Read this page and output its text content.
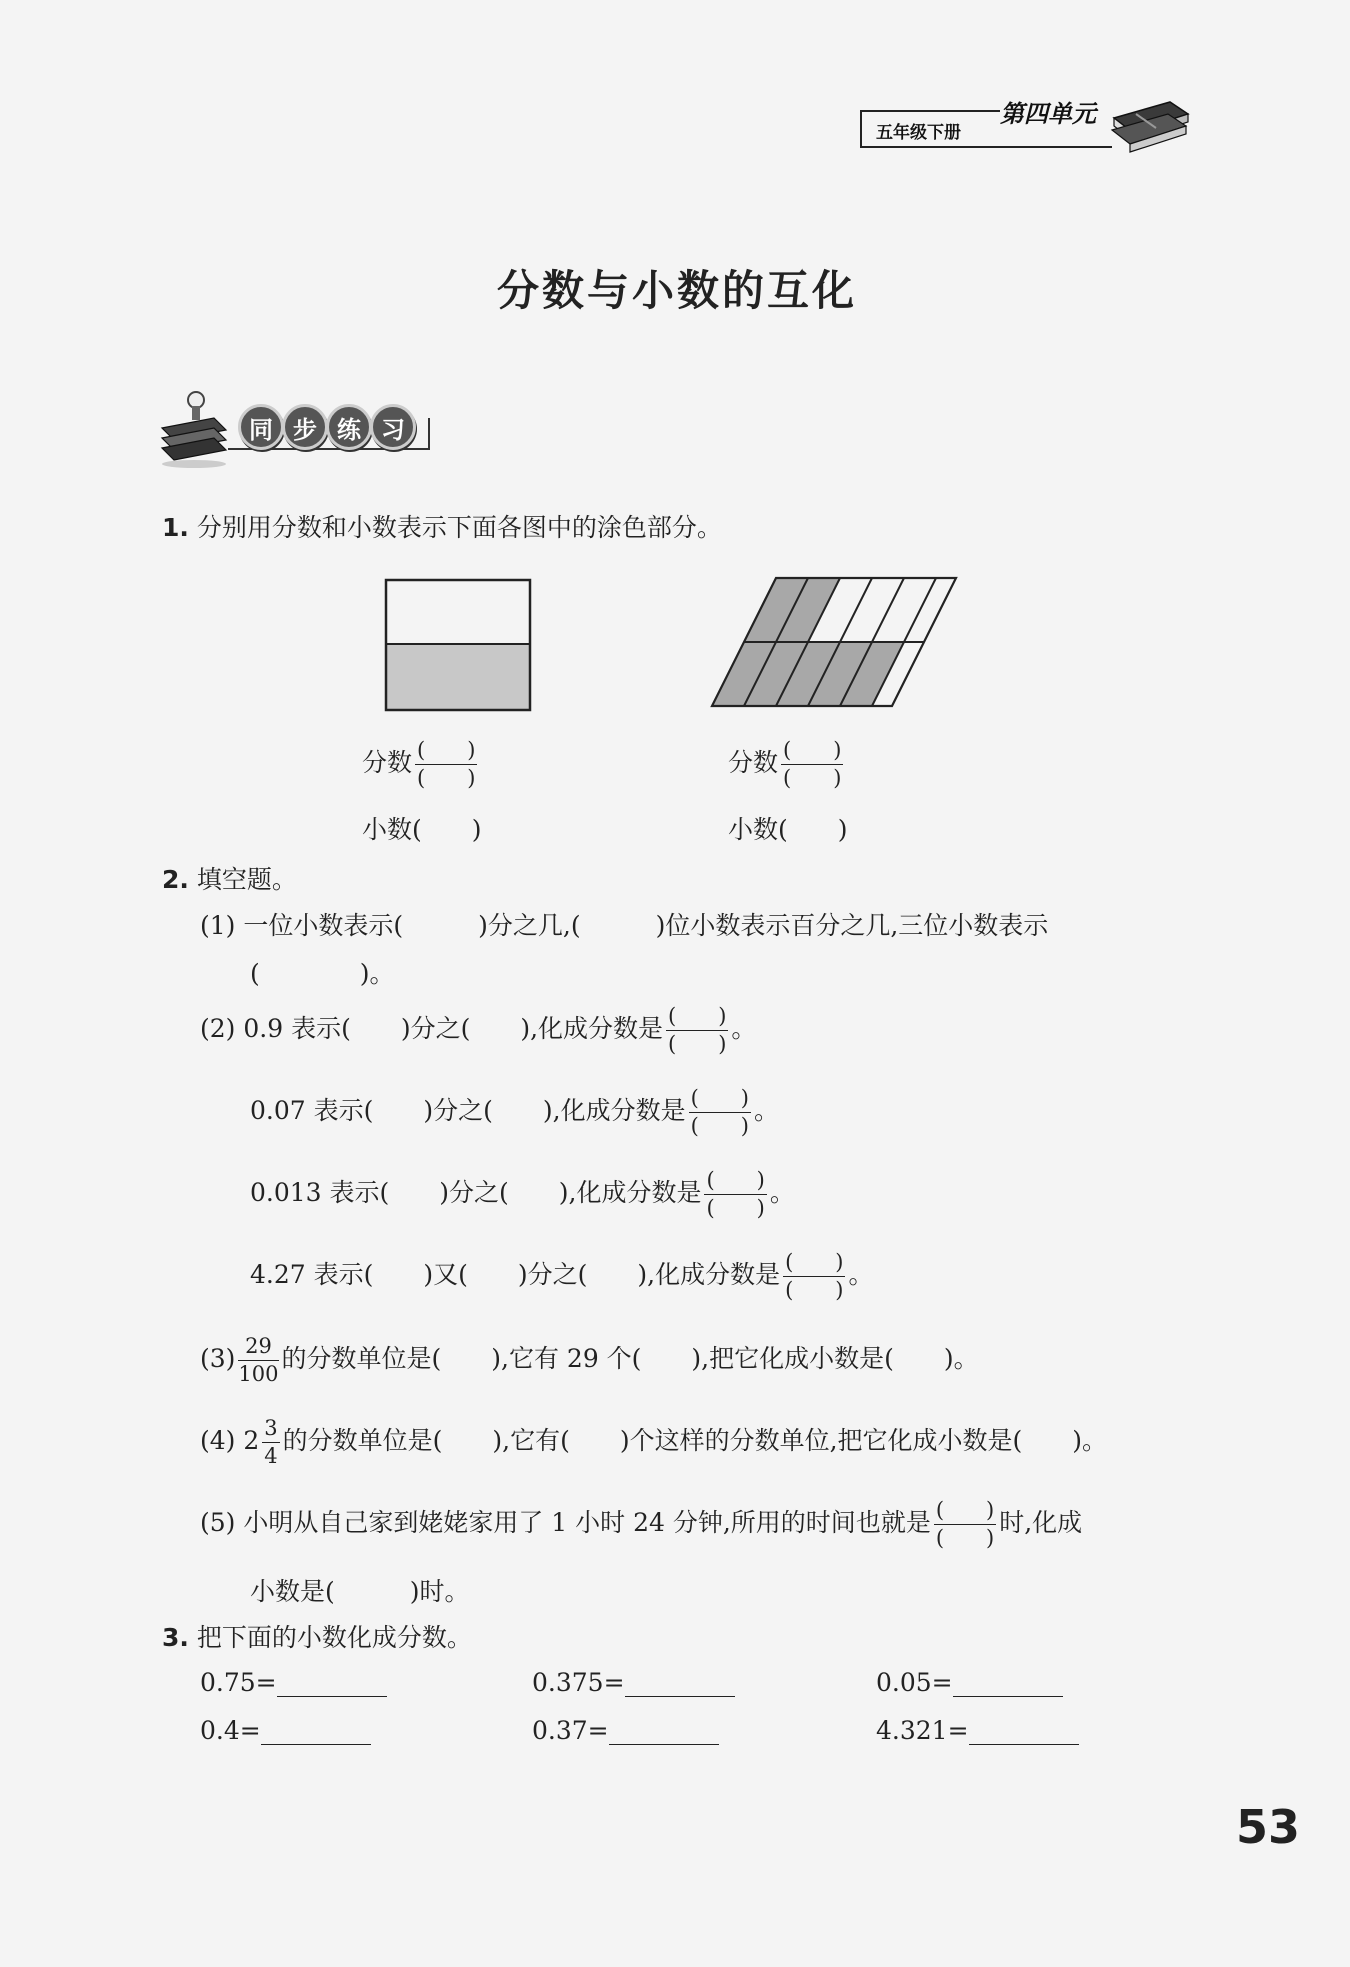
第四单元
五年级下册
分数与小数的互化
同 步 练 习
1. 分别用分数和小数表示下面各图中的涂色部分。
分数 $\frac{( )}{( )}$
小数(　　)
分数 $\frac{( )}{( )}$
小数(　　)
2. 填空题。
(1) 一位小数表示(　　　)分之几,(　　　)位小数表示百分之几,三位小数表示
(　　　　)。
(2) 0.9 表示(　　)分之(　　),化成分数是 $\frac{( )}{( )}$ 。
0.07 表示(　　)分之(　　),化成分数是 $\frac{( )}{( )}$ 。
0.013 表示(　　)分之(　　),化成分数是 $\frac{( )}{( )}$ 。
4.27 表示(　　)又(　　)分之(　　),化成分数是 $\frac{( )}{( )}$ 。
$(3) \frac{29}{100}$ 的分数单位是(　　),它有 29 个(　　),把它化成小数是(　　)。
(4) $2 \frac{3}{4}$ 的分数单位是(　　),它有(　　)个这样的分数单位,把它化成小数是(　　)。
(5) 小明从自己家到姥姥家用了 1 小时 24 分钟,所用的时间也就是 $\frac{( )}{( )}$ 时,化成
小数是(　　　)时。
3. 把下面的小数化成分数。
0.75=	0.375=	0.05=
0.4=	0.37=	4.321=
53
